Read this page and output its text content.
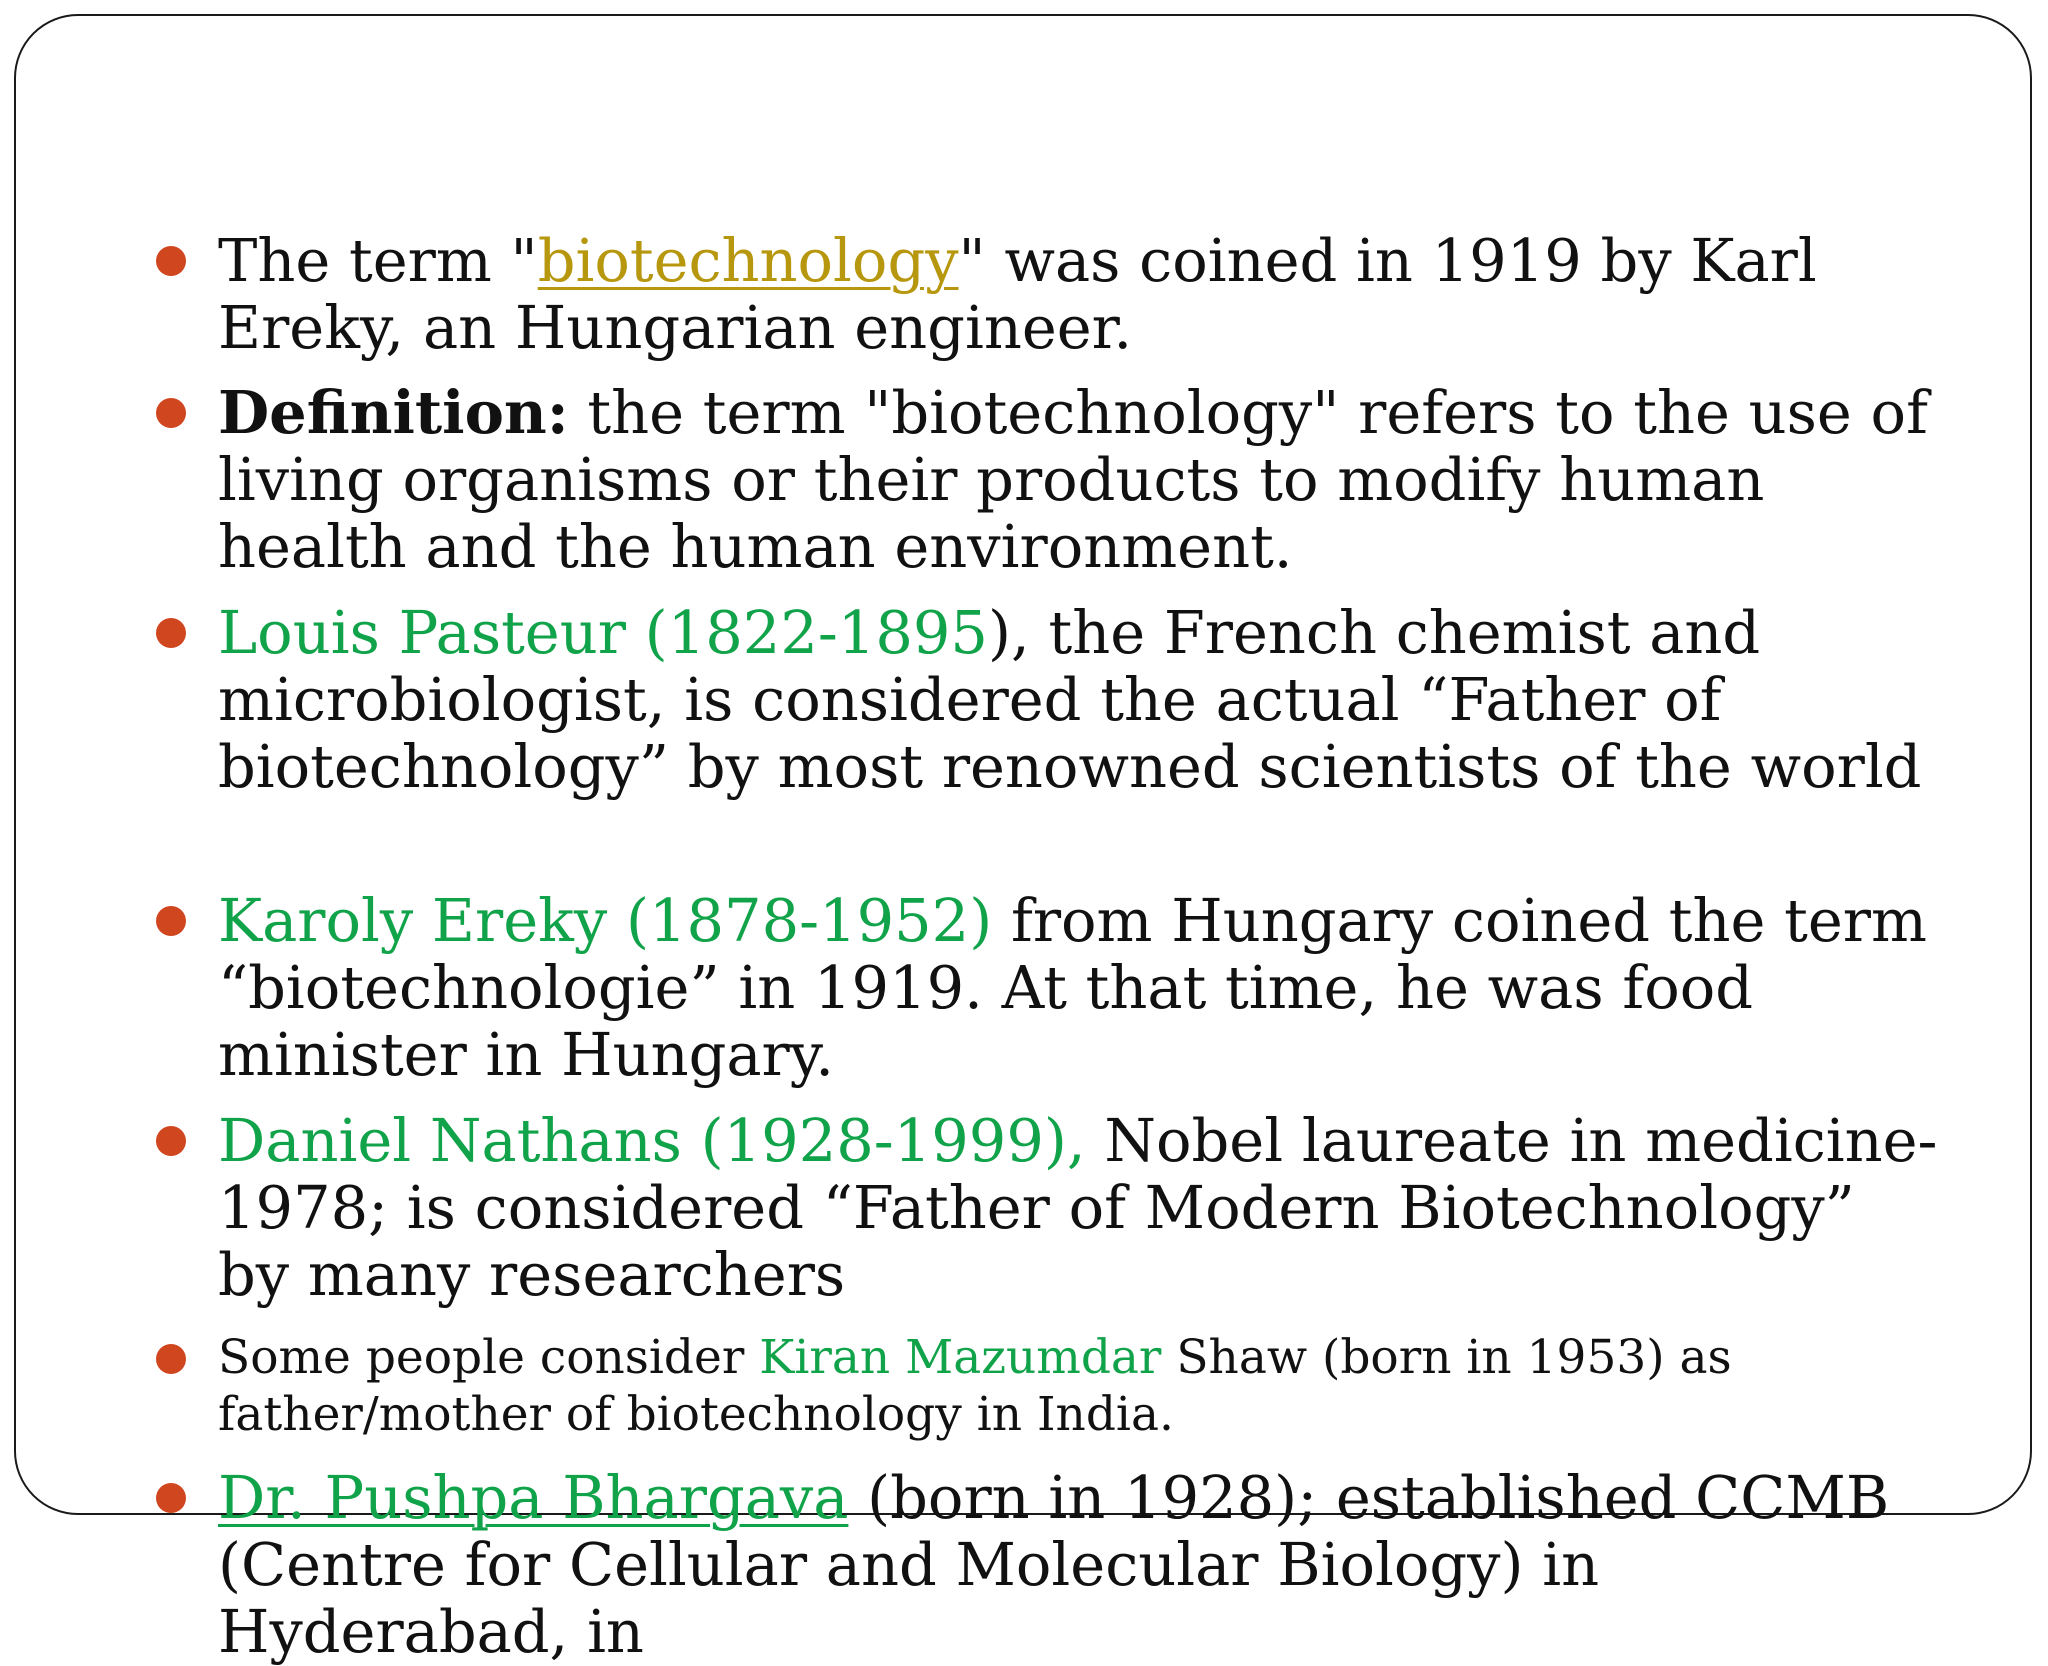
The term "biotechnology" was coined in 1919 by Karl Ereky, an Hungarian engineer.
Definition: the term "biotechnology" refers to the use of living organisms or their products to modify human health and the human environment.
Louis Pasteur (1822-1895), the French chemist and microbiologist, is considered the actual “Father of biotechnology” by most renowned scientists of the world
Karoly Ereky (1878-1952) from Hungary coined the term “biotechnologie” in 1919. At that time, he was food minister in Hungary.
Daniel Nathans (1928-1999), Nobel laureate in medicine-1978; is considered “Father of Modern Biotechnology” by many researchers
Some people consider Kiran Mazumdar Shaw (born in 1953) as father/mother of biotechnology in India.
Dr. Pushpa Bhargava (born in 1928); established CCMB (Centre for Cellular and Molecular Biology) in Hyderabad, in
